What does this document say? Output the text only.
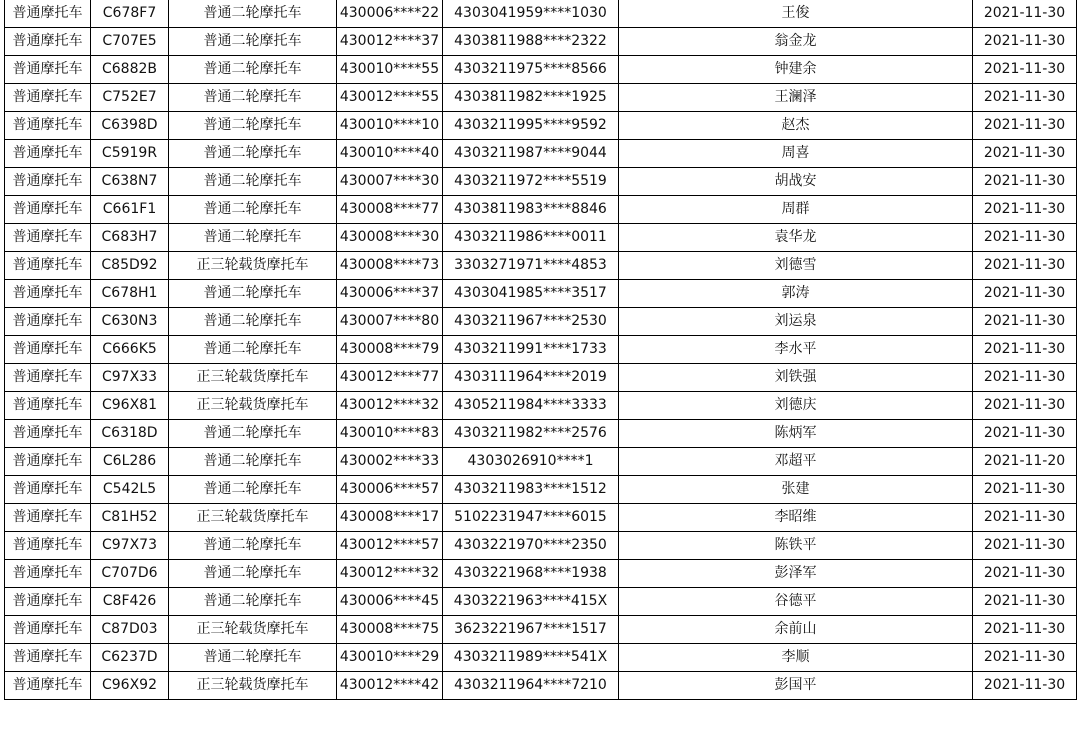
普通摩托车	C678F7	普通二轮摩托车	430006****22	4303041959****1030	王俊	2021-11-30
普通摩托车	C707E5	普通二轮摩托车	430012****37	4303811988****2322	翁金龙	2021-11-30
普通摩托车	C6882B	普通二轮摩托车	430010****55	4303211975****8566	钟建余	2021-11-30
普通摩托车	C752E7	普通二轮摩托车	430012****55	4303811982****1925	王澜泽	2021-11-30
普通摩托车	C6398D	普通二轮摩托车	430010****10	4303211995****9592	赵杰	2021-11-30
普通摩托车	C5919R	普通二轮摩托车	430010****40	4303211987****9044	周喜	2021-11-30
普通摩托车	C638N7	普通二轮摩托车	430007****30	4303211972****5519	胡战安	2021-11-30
普通摩托车	C661F1	普通二轮摩托车	430008****77	4303811983****8846	周群	2021-11-30
普通摩托车	C683H7	普通二轮摩托车	430008****30	4303211986****0011	袁华龙	2021-11-30
普通摩托车	C85D92	正三轮载货摩托车	430008****73	3303271971****4853	刘德雪	2021-11-30
普通摩托车	C678H1	普通二轮摩托车	430006****37	4303041985****3517	郭涛	2021-11-30
普通摩托车	C630N3	普通二轮摩托车	430007****80	4303211967****2530	刘运泉	2021-11-30
普通摩托车	C666K5	普通二轮摩托车	430008****79	4303211991****1733	李水平	2021-11-30
普通摩托车	C97X33	正三轮载货摩托车	430012****77	4303111964****2019	刘铁强	2021-11-30
普通摩托车	C96X81	正三轮载货摩托车	430012****32	4305211984****3333	刘德庆	2021-11-30
普通摩托车	C6318D	普通二轮摩托车	430010****83	4303211982****2576	陈炳军	2021-11-30
普通摩托车	C6L286	普通二轮摩托车	430002****33	4303026910****1	邓超平	2021-11-20
普通摩托车	C542L5	普通二轮摩托车	430006****57	4303211983****1512	张建	2021-11-30
普通摩托车	C81H52	正三轮载货摩托车	430008****17	5102231947****6015	李昭维	2021-11-30
普通摩托车	C97X73	普通二轮摩托车	430012****57	4303221970****2350	陈铁平	2021-11-30
普通摩托车	C707D6	普通二轮摩托车	430012****32	4303221968****1938	彭泽军	2021-11-30
普通摩托车	C8F426	普通二轮摩托车	430006****45	4303221963****415X	谷德平	2021-11-30
普通摩托车	C87D03	正三轮载货摩托车	430008****75	3623221967****1517	余前山	2021-11-30
普通摩托车	C6237D	普通二轮摩托车	430010****29	4303211989****541X	李顺	2021-11-30
普通摩托车	C96X92	正三轮载货摩托车	430012****42	4303211964****7210	彭国平	2021-11-30
